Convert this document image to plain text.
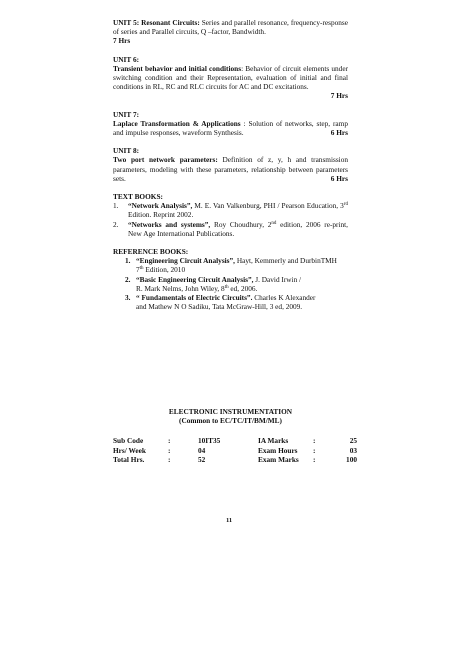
UNIT 5: Resonant Circuits: Series and parallel resonance, frequency-response of series and Parallel circuits, Q –factor, Bandwidth.
7 Hrs
UNIT 6:
Transient behavior and initial conditions: Behavior of circuit elements under switching condition and their Representation, evaluation of initial and final conditions in RL, RC and RLC circuits for AC and DC excitations.
7 Hrs
UNIT 7:
Laplace Transformation & Applications : Solution of networks, step, ramp and impulse responses, waveform Synthesis.	6 Hrs
UNIT 8:
Two port network parameters: Definition of z, y, h and transmission parameters, modeling with these parameters, relationship between parameters sets.	6 Hrs
TEXT BOOKS:
1. “Network Analysis”, M. E. Van Valkenburg, PHI / Pearson Education, 3rd Edition. Reprint 2002.
2. “Networks and systems”, Roy Choudhury, 2nd edition, 2006 re-print, New Age International Publications.
REFERENCE BOOKS:
1. “Engineering Circuit Analysis”, Hayt, Kemmerly and DurbinTMH
7th Edition, 2010
2. “Basic Engineering Circuit Analysis”, J. David Irwin /
R. Mark Nelms, John Wiley, 8th ed, 2006.
3. “ Fundamentals of Electric Circuits”. Charles K Alexander
and Mathew N O Sadiku, Tata McGraw-Hill, 3 ed, 2009.
ELECTRONIC INSTRUMENTATION
(Common to EC/TC/IT/BM/ML)
Sub Code	:	10IT35	IA Marks	:	25
Hrs/ Week	:	04	Exam Hours	:	03
Total Hrs.	:	52	Exam Marks	:	100
11
